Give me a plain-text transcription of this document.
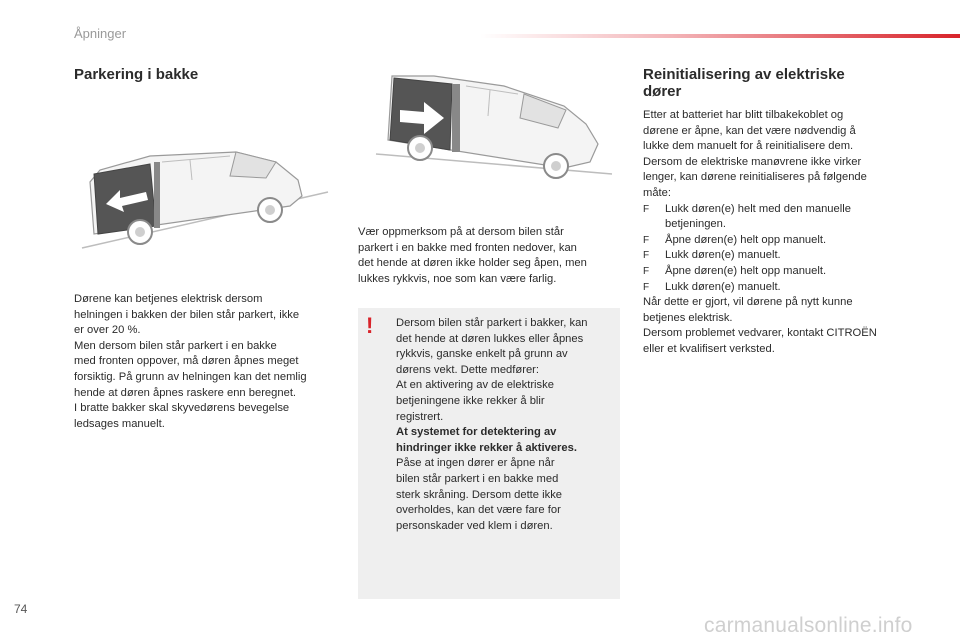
Åpninger
Parkering i bakke

Dørene kan betjenes elektrisk dersom

helningen i bakken der bilen står parkert, ikke

er over 20 %.

Men dersom bilen står parkert i en bakke

med fronten oppover, må døren åpnes meget

forsiktig. På grunn av helningen kan det nemlig

hende at døren åpnes raskere enn beregnet.

I bratte bakker skal skyvedørens bevegelse

ledsages manuelt.

Vær oppmerksom på at dersom bilen står

parkert i en bakke med fronten nedover, kan

det hende at døren ikke holder seg åpen, men

lukkes rykkvis, noe som kan være farlig.

! Dersom bilen står parkert i bakker, kan

det hende at døren lukkes eller åpnes

rykkvis, ganske enkelt på grunn av

dørens vekt. Dette medfører:

At en aktivering av de elektriske

betjeningene ikke rekker å blir

registrert.

At systemet for detektering av

hindringer ikke rekker å aktiveres.

Påse at ingen dører er åpne når

bilen står parkert i en bakke med

sterk skråning. Dersom dette ikke

overholdes, kan det være fare for

personskader ved klem i døren.

Reinitialisering av elektriske
dører

Etter at batteriet har blitt tilbakekoblet og

dørene er åpne, kan det være nødvendig å

lukke dem manuelt for å reinitialisere dem.

Dersom de elektriske manøvrene ikke virker

lenger, kan dørene reinitialiseres på følgende

måte:

F Lukk døren(e) helt med den manuelle
betjeningen.
F Åpne døren(e) helt opp manuelt.
F Lukk døren(e) manuelt.
F Åpne døren(e) helt opp manuelt.
F Lukk døren(e) manuelt.

Når dette er gjort, vil dørene på nytt kunne

betjenes elektrisk.

Dersom problemet vedvarer, kontakt CITROËN

eller et kvalifisert verksted.

74
carmanualsonline.info
